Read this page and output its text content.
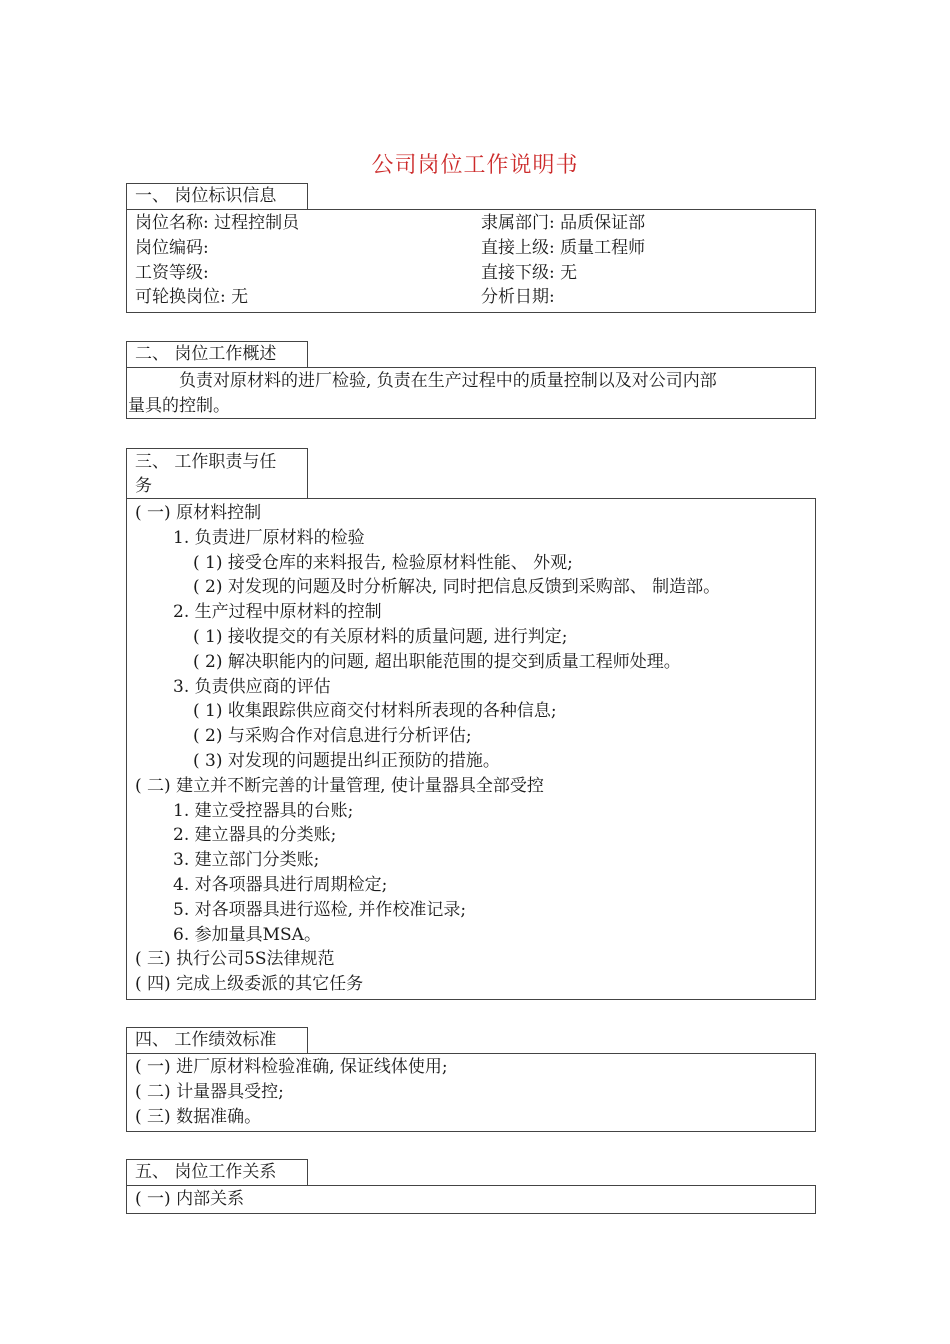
公司岗位工作说明书
一、 岗位标识信息
岗位名称: 过程控制员	隶属部门: 品质保证部
岗位编码:	直接上级: 质量工程师
工资等级:	直接下级: 无
可轮换岗位: 无	分析日期:
二、 岗位工作概述
负责对原材料的进厂检验, 负责在生产过程中的质量控制以及对公司内部
量具的控制。
三、 工作职责与任
务
( 一) 原材料控制
1. 负责进厂原材料的检验
( 1) 接受仓库的来料报告, 检验原材料性能、 外观;
( 2) 对发现的问题及时分析解决, 同时把信息反馈到采购部、 制造部。
2. 生产过程中原材料的控制
( 1) 接收提交的有关原材料的质量问题, 进行判定;
( 2) 解决职能内的问题, 超出职能范围的提交到质量工程师处理。
3. 负责供应商的评估
( 1) 收集跟踪供应商交付材料所表现的各种信息;
( 2) 与采购合作对信息进行分析评估;
( 3) 对发现的问题提出纠正预防的措施。
( 二) 建立并不断完善的计量管理, 使计量器具全部受控
1. 建立受控器具的台账;
2. 建立器具的分类账;
3. 建立部门分类账;
4. 对各项器具进行周期检定;
5. 对各项器具进行巡检, 并作校准记录;
6. 参加量具MSA。
( 三) 执行公司5S法律规范
( 四) 完成上级委派的其它任务
四、 工作绩效标准
( 一) 进厂原材料检验准确, 保证线体使用;
( 二) 计量器具受控;
( 三) 数据准确。
五、 岗位工作关系
( 一) 内部关系
